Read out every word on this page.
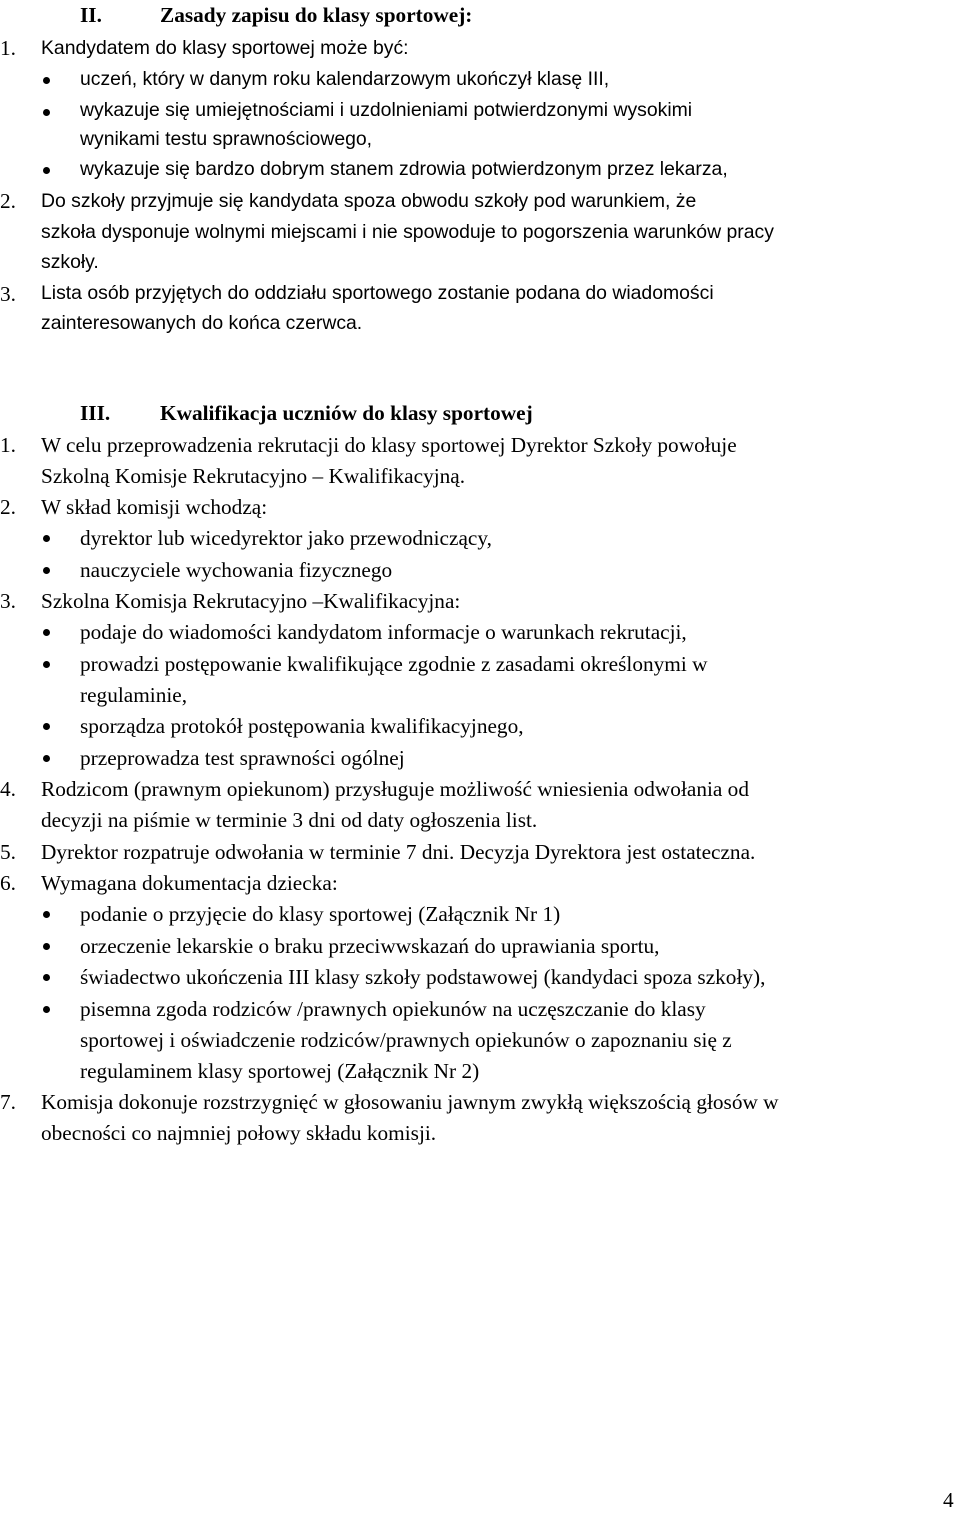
II.	Zasady zapisu do klasy sportowej:
1. Kandydatem do klasy sportowej może być:
uczeń, który w danym roku kalendarzowym ukończył klasę III,
wykazuje się umiejętnościami i uzdolnieniami potwierdzonymi wysokimi
wynikami testu sprawnościowego,
wykazuje się bardzo dobrym stanem zdrowia potwierdzonym przez lekarza,
2. Do szkoły przyjmuje się kandydata spoza obwodu szkoły pod warunkiem, że
szkoła dysponuje wolnymi miejscami i nie spowoduje to pogorszenia warunków pracy
szkoły.
3. Lista osób przyjętych do oddziału sportowego zostanie podana do wiadomości
zainteresowanych do końca czerwca.
III. Kwalifikacja uczniów do klasy sportowej
1. W celu przeprowadzenia rekrutacji do klasy sportowej Dyrektor Szkoły powołuje
Szkolną Komisje Rekrutacyjno – Kwalifikacyjną.
2. W skład komisji wchodzą:
dyrektor lub wicedyrektor jako przewodniczący,
nauczyciele wychowania fizycznego
3. Szkolna Komisja Rekrutacyjno –Kwalifikacyjna:
podaje do wiadomości kandydatom informacje o warunkach rekrutacji,
prowadzi postępowanie kwalifikujące zgodnie z zasadami określonymi w
regulaminie,
sporządza protokół postępowania kwalifikacyjnego,
przeprowadza test sprawności ogólnej
4. Rodzicom (prawnym opiekunom) przysługuje możliwość wniesienia odwołania od
decyzji na piśmie w terminie 3 dni od daty ogłoszenia list.
5. Dyrektor rozpatruje odwołania w terminie 7 dni. Decyzja Dyrektora jest ostateczna.
6. Wymagana dokumentacja dziecka:
podanie o przyjęcie do klasy sportowej (Załącznik Nr 1)
orzeczenie lekarskie o braku przeciwwskazań do uprawiania sportu,
świadectwo ukończenia III klasy szkoły podstawowej (kandydaci spoza szkoły),
pisemna zgoda rodziców /prawnych opiekunów na uczęszczanie do klasy
sportowej i oświadczenie rodziców/prawnych opiekunów o zapoznaniu się z
regulaminem klasy sportowej (Załącznik Nr 2)
7. Komisja dokonuje rozstrzygnięć w głosowaniu jawnym zwykłą większością głosów w
obecności co najmniej połowy składu komisji.
4
